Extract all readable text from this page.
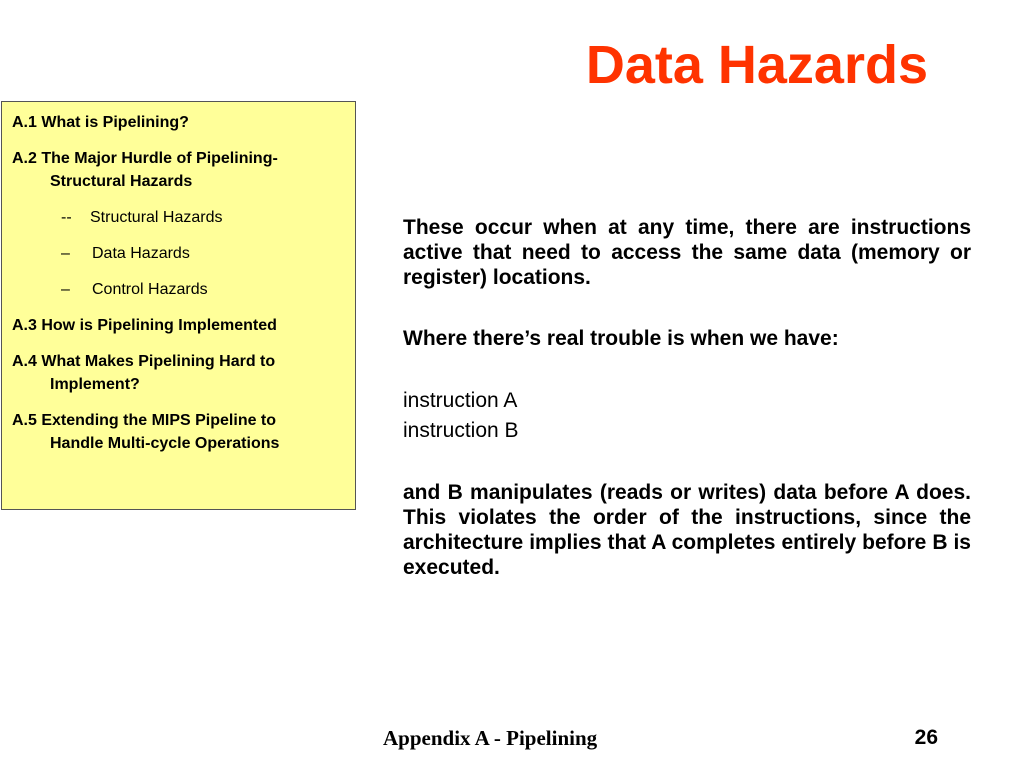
Data Hazards
A.1 What is Pipelining?
A.2 The Major Hurdle of Pipelining-
Structural Hazards
-- Structural Hazards
– Data Hazards
– Control Hazards
A.3 How is Pipelining Implemented
A.4 What Makes Pipelining Hard to
Implement?
A.5 Extending the MIPS Pipeline to
Handle Multi-cycle Operations

These occur when at any time, there are instructions active that need to access the same data (memory or register) locations.

Where there’s real trouble is when we have:

instruction A

instruction B

and B manipulates (reads or writes) data before A does. This violates the order of the instructions, since the architecture implies that A completes entirely before B is executed.

Appendix A - Pipelining	26
